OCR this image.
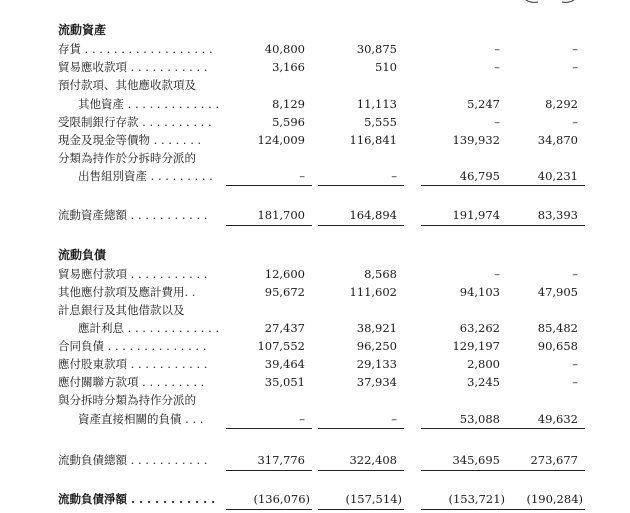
流動資產
存貨 . . . . . . . . . . . . . . . . . .	40,800	30,875	–	–
貿易應收款項 . . . . . . . . . . .	3,166	510	–	–
預付款項、其他應收款項及
其他資產 . . . . . . . . . . . . .	8,129	11,113	5,247	8,292
受限制銀行存款 . . . . . . . . . .	5,596	5,555	–	–
現金及現金等價物 . . . . . . .	124,009	116,841	139,932	34,870
分類為持作於分拆時分派的
出售組別資產 . . . . . . . . .	–	–	46,795	40,231
流動資產總額 . . . . . . . . . . .	181,700	164,894	191,974	83,393
流動負債
貿易應付款項 . . . . . . . . . . .	12,600	8,568	–	–
其他應付款項及應計費用. .	95,672	111,602	94,103	47,905
計息銀行及其他借款以及
應計利息 . . . . . . . . . . . . .	27,437	38,921	63,262	85,482
合同負債 . . . . . . . . . . . . . .	107,552	96,250	129,197	90,658
應付股東款項 . . . . . . . . . . .	39,464	29,133	2,800	–
應付關聯方款項 . . . . . . . . .	35,051	37,934	3,245	–
與分拆時分類為持作分派的
資產直接相關的負債 . . .	–	–	53,088	49,632
流動負債總額 . . . . . . . . . . .	317,776	322,408	345,695	273,677
流動負債淨額 . . . . . . . . . . .	(136,076)	(157,514)	(153,721)	(190,284)
